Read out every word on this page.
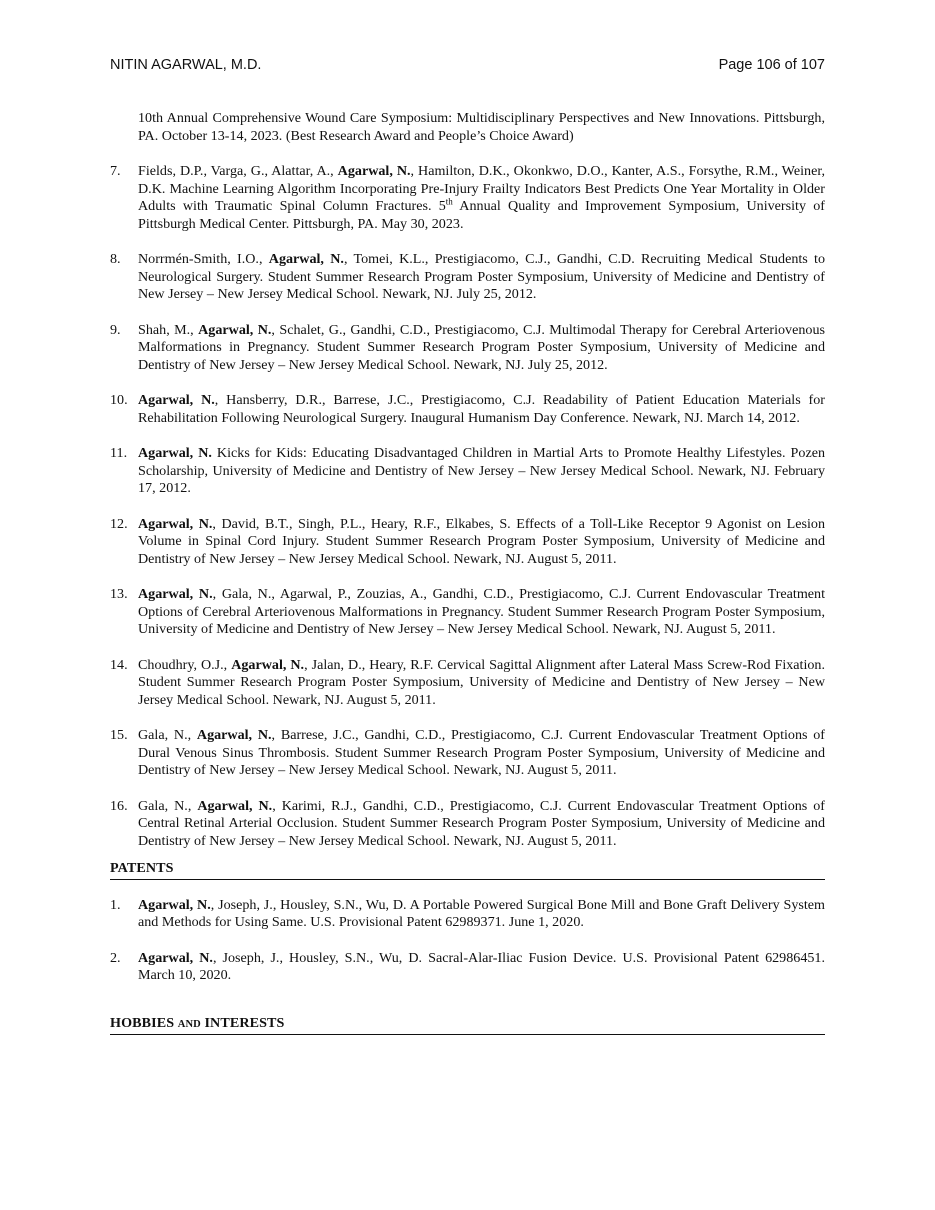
NITIN AGARWAL, M.D.	Page 106 of 107
10th Annual Comprehensive Wound Care Symposium: Multidisciplinary Perspectives and New Innovations. Pittsburgh, PA. October 13-14, 2023. (Best Research Award and People’s Choice Award)
7. Fields, D.P., Varga, G., Alattar, A., Agarwal, N., Hamilton, D.K., Okonkwo, D.O., Kanter, A.S., Forsythe, R.M., Weiner, D.K. Machine Learning Algorithm Incorporating Pre-Injury Frailty Indicators Best Predicts One Year Mortality in Older Adults with Traumatic Spinal Column Fractures. 5th Annual Quality and Improvement Symposium, University of Pittsburgh Medical Center. Pittsburgh, PA. May 30, 2023.
8. Norrmén-Smith, I.O., Agarwal, N., Tomei, K.L., Prestigiacomo, C.J., Gandhi, C.D. Recruiting Medical Students to Neurological Surgery. Student Summer Research Program Poster Symposium, University of Medicine and Dentistry of New Jersey – New Jersey Medical School. Newark, NJ. July 25, 2012.
9. Shah, M., Agarwal, N., Schalet, G., Gandhi, C.D., Prestigiacomo, C.J. Multimodal Therapy for Cerebral Arteriovenous Malformations in Pregnancy. Student Summer Research Program Poster Symposium, University of Medicine and Dentistry of New Jersey – New Jersey Medical School. Newark, NJ. July 25, 2012.
10. Agarwal, N., Hansberry, D.R., Barrese, J.C., Prestigiacomo, C.J. Readability of Patient Education Materials for Rehabilitation Following Neurological Surgery. Inaugural Humanism Day Conference. Newark, NJ. March 14, 2012.
11. Agarwal, N. Kicks for Kids: Educating Disadvantaged Children in Martial Arts to Promote Healthy Lifestyles. Pozen Scholarship, University of Medicine and Dentistry of New Jersey – New Jersey Medical School. Newark, NJ. February 17, 2012.
12. Agarwal, N., David, B.T., Singh, P.L., Heary, R.F., Elkabes, S. Effects of a Toll-Like Receptor 9 Agonist on Lesion Volume in Spinal Cord Injury. Student Summer Research Program Poster Symposium, University of Medicine and Dentistry of New Jersey – New Jersey Medical School. Newark, NJ. August 5, 2011.
13. Agarwal, N., Gala, N., Agarwal, P., Zouzias, A., Gandhi, C.D., Prestigiacomo, C.J. Current Endovascular Treatment Options of Cerebral Arteriovenous Malformations in Pregnancy. Student Summer Research Program Poster Symposium, University of Medicine and Dentistry of New Jersey – New Jersey Medical School. Newark, NJ. August 5, 2011.
14. Choudhry, O.J., Agarwal, N., Jalan, D., Heary, R.F. Cervical Sagittal Alignment after Lateral Mass Screw-Rod Fixation. Student Summer Research Program Poster Symposium, University of Medicine and Dentistry of New Jersey – New Jersey Medical School. Newark, NJ. August 5, 2011.
15. Gala, N., Agarwal, N., Barrese, J.C., Gandhi, C.D., Prestigiacomo, C.J. Current Endovascular Treatment Options of Dural Venous Sinus Thrombosis. Student Summer Research Program Poster Symposium, University of Medicine and Dentistry of New Jersey – New Jersey Medical School. Newark, NJ. August 5, 2011.
16. Gala, N., Agarwal, N., Karimi, R.J., Gandhi, C.D., Prestigiacomo, C.J. Current Endovascular Treatment Options of Central Retinal Arterial Occlusion. Student Summer Research Program Poster Symposium, University of Medicine and Dentistry of New Jersey – New Jersey Medical School. Newark, NJ. August 5, 2011.
PATENTS
1. Agarwal, N., Joseph, J., Housley, S.N., Wu, D. A Portable Powered Surgical Bone Mill and Bone Graft Delivery System and Methods for Using Same. U.S. Provisional Patent 62989371. June 1, 2020.
2. Agarwal, N., Joseph, J., Housley, S.N., Wu, D. Sacral-Alar-Iliac Fusion Device. U.S. Provisional Patent 62986451. March 10, 2020.
HOBBIES AND INTERESTS
